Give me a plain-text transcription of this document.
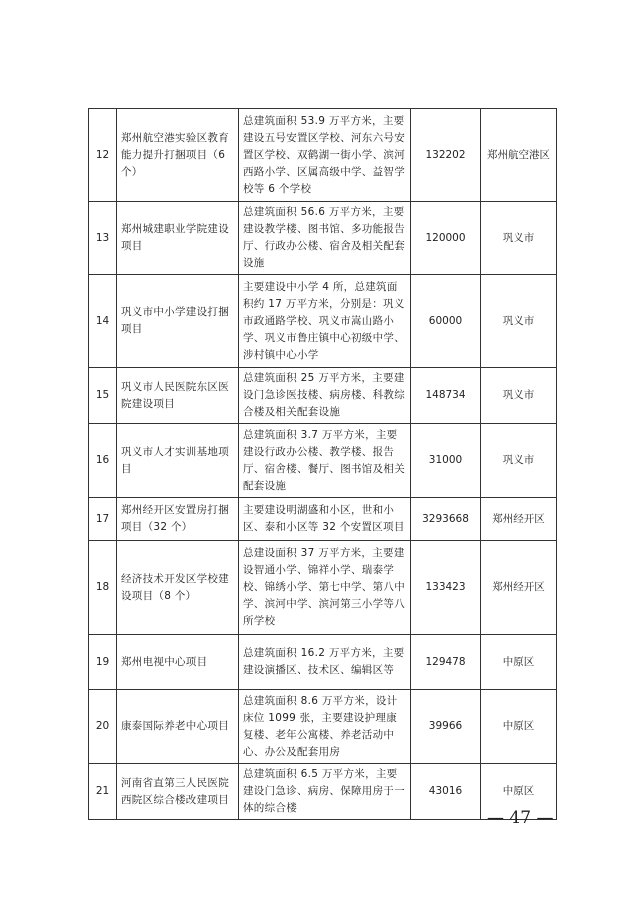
12	郑州航空港实验区教育能力提升打捆项目（6个）	总建筑面积 53.9 万平方米，主要建设五号安置区学校、河东六号安置区学校、双鹤湖一街小学、滨河西路小学、区属高级中学、益智学校等 6 个学校	132202	郑州航空港区
13	郑州城建职业学院建设项目	总建筑面积 56.6 万平方米，主要建设教学楼、图书馆、多功能报告厅、行政办公楼、宿舍及相关配套设施	120000	巩义市
14	巩义市中小学建设打捆项目	主要建设中小学 4 所，总建筑面积约 17 万平方米，分别是：巩义市政通路学校、巩义市嵩山路小学、巩义市鲁庄镇中心初级中学、涉村镇中心小学	60000	巩义市
15	巩义市人民医院东区医院建设项目	总建筑面积 25 万平方米，主要建设门急诊医技楼、病房楼、科教综合楼及相关配套设施	148734	巩义市
16	巩义市人才实训基地项目	总建筑面积 3.7 万平方米，主要建设行政办公楼、教学楼、报告厅、宿舍楼、餐厅、图书馆及相关配套设施	31000	巩义市
17	郑州经开区安置房打捆项目（32 个）	主要建设明湖盛和小区，世和小区、泰和小区等 32 个安置区项目	3293668	郑州经开区
18	经济技术开发区学校建设项目（8 个）	总建设面积 37 万平方米，主要建设智通小学、锦祥小学、瑞泰学校、锦绣小学、第七中学、第八中学、滨河中学、滨河第三小学等八所学校	133423	郑州经开区
19	郑州电视中心项目	总建筑面积 16.2 万平方米，主要建设演播区、技术区、编辑区等	129478	中原区
20	康泰国际养老中心项目	总建筑面积 8.6 万平方米，设计床位 1099 张，主要建设护理康复楼、老年公寓楼、养老活动中心、办公及配套用房	39966	中原区
21	河南省直第三人民医院西院区综合楼改建项目	总建筑面积 6.5 万平方米，主要建设门急诊、病房、保障用房于一体的综合楼	43016	中原区
— 47 —
